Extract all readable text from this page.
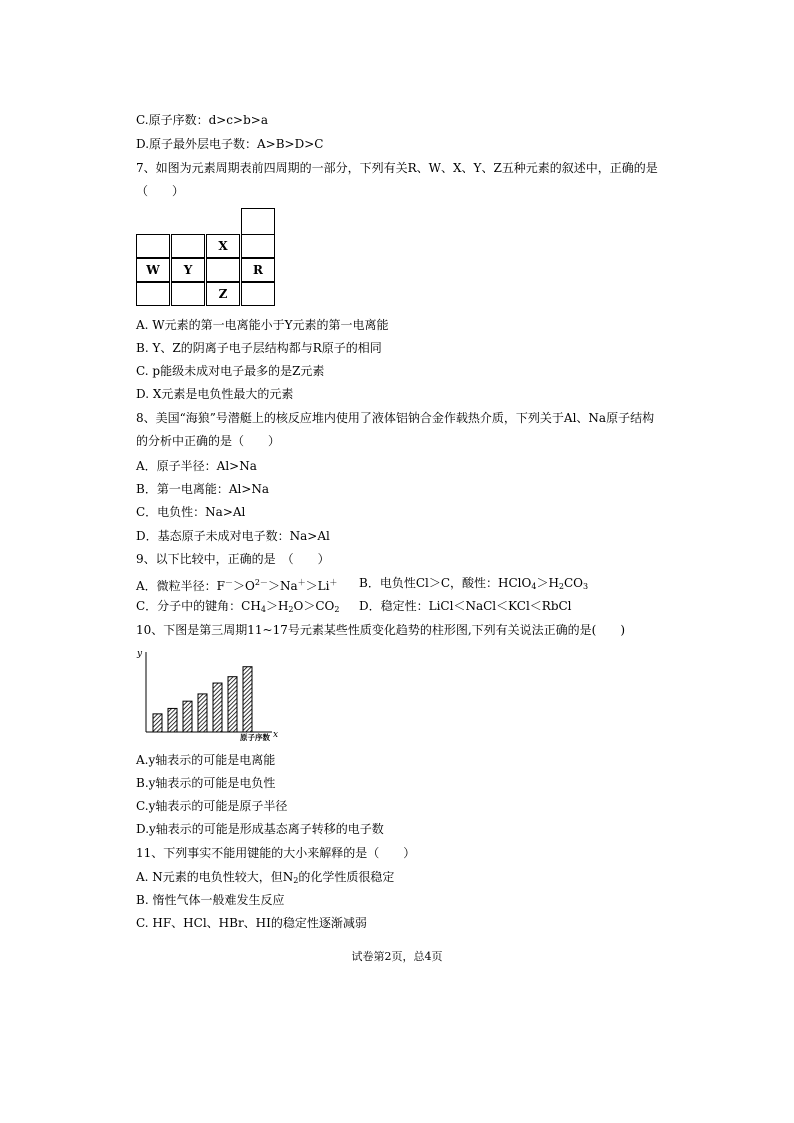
C.原子序数：d>c>b>a
D.原子最外层电子数：A>B>D>C
7、如图为元素周期表前四周期的一部分，下列有关R、W、X、Y、Z五种元素的叙述中，正确的是
（　　）
X
W Y	R
Z
A. W元素的第一电离能小于Y元素的第一电离能
B. Y、Z的阴离子电子层结构都与R原子的相同
C. p能级未成对电子最多的是Z元素
D. X元素是电负性最大的元素
8、美国“海狼”号潜艇上的核反应堆内使用了液体铝钠合金作载热介质，下列关于Al、Na原子结构
的分析中正确的是（　　）
A．原子半径：Al>Na
B．第一电离能：Al>Na
C．电负性：Na>Al
D．基态原子未成对电子数：Na>Al
9、以下比较中，正确的是　（　　）
A．微粒半径：$F^->O^{2-}>Na^+>Li^+$ B．电负性Cl＞C，酸性：$HClO_4>H_2CO_3$
C．分子中的键角：$CH_4>H_2O>CO_2$ D．稳定性：LiCl＜NaCl＜KCl＜RbCl
10、下图是第三周期11~17号元素某些性质变化趋势的柱形图,下列有关说法正确的是(　　)
y
x
原子序数
A.y轴表示的可能是电离能
B.y轴表示的可能是电负性
C.y轴表示的可能是原子半径
D.y轴表示的可能是形成基态离子转移的电子数
11、下列事实不能用键能的大小来解释的是（　　）
A. N元素的电负性较大，但$N_2$的化学性质很稳定
B. 惰性气体一般难发生反应
C. HF、HCl、HBr、HI的稳定性逐渐减弱
试卷第2页，总4页
